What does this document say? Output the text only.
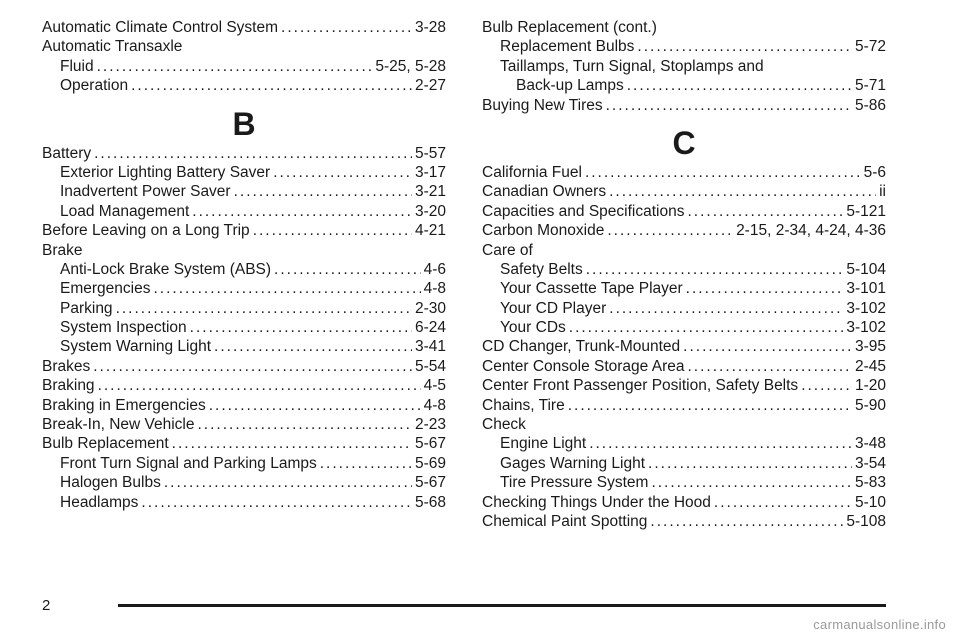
Automatic Climate Control System .....	3-28
Automatic Transaxle
Fluid .....	5-25, 5-28
Operation .....	2-27
B
Battery .....	5-57
Exterior Lighting Battery Saver .....	3-17
Inadvertent Power Saver .....	3-21
Load Management .....	3-20
Before Leaving on a Long Trip .....	4-21
Brake
Anti-Lock Brake System (ABS) .....	4-6
Emergencies .....	4-8
Parking .....	2-30
System Inspection .....	6-24
System Warning Light .....	3-41
Brakes .....	5-54
Braking .....	4-5
Braking in Emergencies .....	4-8
Break-In, New Vehicle .....	2-23
Bulb Replacement .....	5-67
Front Turn Signal and Parking Lamps .....	5-69
Halogen Bulbs .....	5-67
Headlamps .....	5-68
Bulb Replacement (cont.)
Replacement Bulbs .....	5-72
Taillamps, Turn Signal, Stoplamps and
Back-up Lamps .....	5-71
Buying New Tires .....	5-86
C
California Fuel .....	5-6
Canadian Owners .....	ii
Capacities and Specifications .....	5-121
Carbon Monoxide .....	2-15, 2-34, 4-24, 4-36
Care of
Safety Belts .....	5-104
Your Cassette Tape Player .....	3-101
Your CD Player .....	3-102
Your CDs .....	3-102
CD Changer, Trunk-Mounted .....	3-95
Center Console Storage Area .....	2-45
Center Front Passenger Position, Safety Belts .....	1-20
Chains, Tire .....	5-90
Check
Engine Light .....	3-48
Gages Warning Light .....	3-54
Tire Pressure System .....	5-83
Checking Things Under the Hood .....	5-10
Chemical Paint Spotting .....	5-108
2
carmanualsonline.info
